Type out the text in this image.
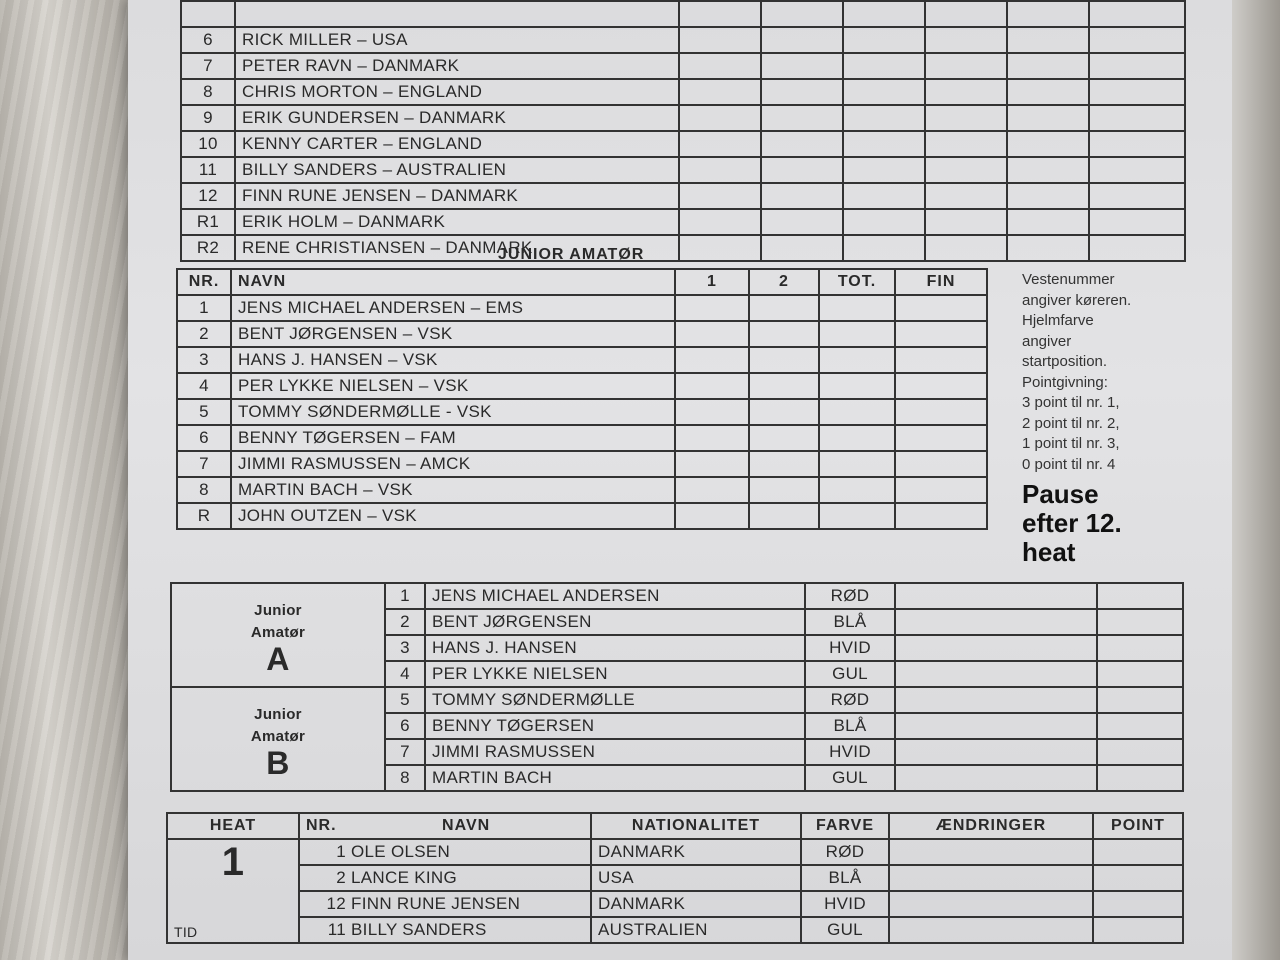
6	RICK MILLER – USA						
7	PETER RAVN – DANMARK						
8	CHRIS MORTON – ENGLAND						
9	ERIK GUNDERSEN – DANMARK						
10	KENNY CARTER – ENGLAND						
11	BILLY SANDERS – AUSTRALIEN						
12	FINN RUNE JENSEN – DANMARK						
R1	ERIK HOLM – DANMARK						
R2	RENE CHRISTIANSEN – DANMARK						
JUNIOR AMATØR
NR.	NAVN	1	2	TOT.	FIN
1	JENS MICHAEL ANDERSEN – EMS				
2	BENT JØRGENSEN – VSK				
3	HANS J. HANSEN – VSK				
4	PER LYKKE NIELSEN – VSK				
5	TOMMY SØNDERMØLLE - VSK				
6	BENNY TØGERSEN – FAM				
7	JIMMI RASMUSSEN – AMCK				
8	MARTIN BACH – VSK				
R	JOHN OUTZEN – VSK				
Vestenummer
angiver køreren.
Hjelmfarve
angiver
startposition.
Pointgivning:
3 point til nr. 1,
2 point til nr. 2,
1 point til nr. 3,
0 point til nr. 4
Pause
efter 12.
heat
Junior
Amatør
A	1	JENS MICHAEL ANDERSEN	RØD		
	2	BENT JØRGENSEN	BLÅ		
	3	HANS J. HANSEN	HVID		
	4	PER LYKKE NIELSEN	GUL		

Junior
Amatør
B	5	TOMMY SØNDERMØLLE	RØD		
	6	BENNY TØGERSEN	BLÅ		
	7	JIMMI RASMUSSEN	HVID		
	8	MARTIN BACH	GUL		
HEAT	NR. NAVN	NATIONALITET	FARVE	ÆNDRINGER	POINT

1
TID	1 OLE OLSEN	DANMARK	RØD		
	2 LANCE KING	USA	BLÅ		
	12 FINN RUNE JENSEN	DANMARK	HVID		
	11 BILLY SANDERS	AUSTRALIEN	GUL		
